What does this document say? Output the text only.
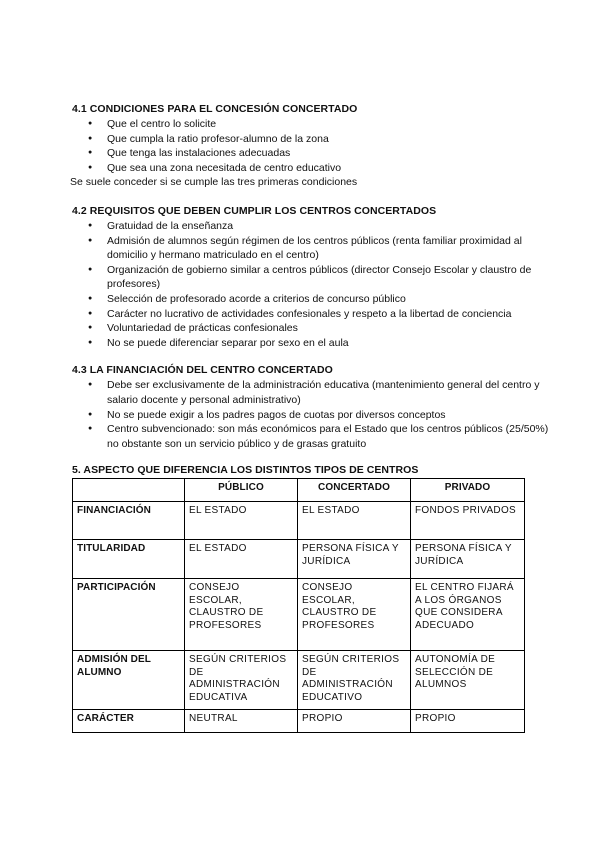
4.1 CONDICIONES PARA EL CONCESIÓN CONCERTADO
● Que el centro lo solicite
● Que cumpla la ratio profesor-alumno de la zona
● Que tenga las instalaciones adecuadas
● Que sea una zona necesitada de centro educativo

Se suele conceder si se cumple las tres primeras condiciones

4.2 REQUISITOS QUE DEBEN CUMPLIR LOS CENTROS CONCERTADOS
● Gratuidad de la enseñanza
● Admisión de alumnos según régimen de los centros públicos (renta familiar proximidad al domicilio y hermano matriculado en el centro)
● Organización de gobierno similar a centros públicos (director Consejo Escolar y claustro de profesores)
● Selección de profesorado acorde a criterios de concurso público
● Carácter no lucrativo de actividades confesionales y respeto a la libertad de conciencia
● Voluntariedad de prácticas confesionales
● No se puede diferenciar separar por sexo en el aula
4.3 LA FINANCIACIÓN DEL CENTRO CONCERTADO
● Debe ser exclusivamente de la administración educativa (mantenimiento general del centro y salario docente y personal administrativo)
● No se puede exigir a los padres pagos de cuotas por diversos conceptos
● Centro subvencionado: son más económicos para el Estado que los centros públicos (25/50%) no obstante son un servicio público y de grasas gratuito
5. ASPECTO QUE DIFERENCIA LOS DISTINTOS TIPOS DE CENTROS
	PÚBLICO	CONCERTADO	PRIVADO
FINANCIACIÓN	EL ESTADO	EL ESTADO	FONDOS PRIVADOS
TITULARIDAD	EL ESTADO	PERSONA FÍSICA Y JURÍDICA	PERSONA FÍSICA Y JURÍDICA
PARTICIPACIÓN	CONSEJO ESCOLAR, CLAUSTRO DE PROFESORES	CONSEJO ESCOLAR, CLAUSTRO DE PROFESORES	EL CENTRO FIJARÁ A LOS ÓRGANOS QUE CONSIDERA ADECUADO
ADMISIÓN DEL ALUMNO	SEGÚN CRITERIOS DE ADMINISTRACIÓN EDUCATIVA	SEGÚN CRITERIOS DE ADMINISTRACIÓN EDUCATIVO	AUTONOMÍA DE SELECCIÓN DE ALUMNOS
CARÁCTER	NEUTRAL	PROPIO	PROPIO
